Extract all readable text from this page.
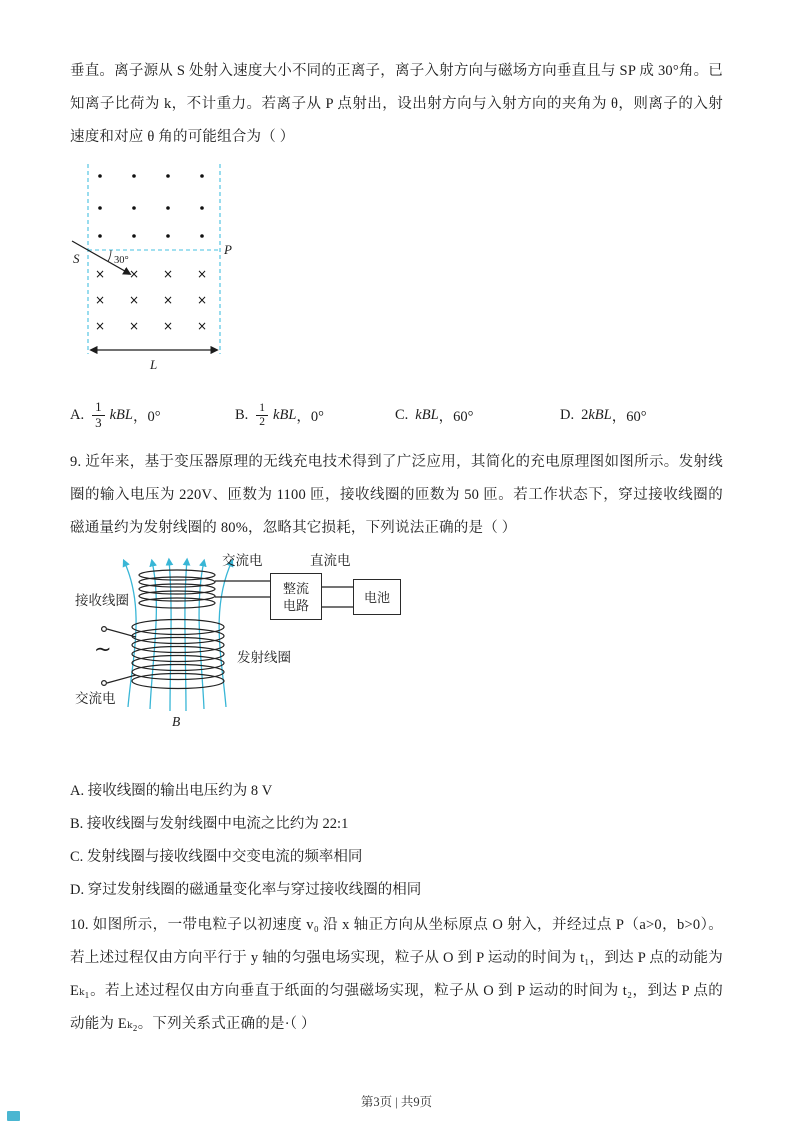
垂直。离子源从 S 处射入速度大小不同的正离子，离子入射方向与磁场方向垂直且与 SP 成 30°角。已知离子比荷为 k，不计重力。若离子从 P 点射出，设出射方向与入射方向的夹角为 θ，则离子的入射速度和对应 θ 角的可能组合为（ ）

× × × ×
× × × ×
× × × ×
30°
S
P
L
A. $\frac{1}{3}$ kBL ，0°	B. $\frac{1}{2}$ kBL ，0°	C. kBL ，60°	D. 2 kBL ，60°

9. 近年来，基于变压器原理的无线充电技术得到了广泛应用，其简化的充电原理图如图所示。发射线圈的输入电压为 220V、匝数为 1100 匝，接收线圈的匝数为 50 匝。若工作状态下，穿过接收线圈的磁通量约为发射线圈的 80%，忽略其它损耗，下列说法正确的是（ ）

接收线圈
交流电	直流电
整流电路
电池
发射线圈
~
交流电
B

A. 接收线圈的输出电压约为 8 V

B. 接收线圈与发射线圈中电流之比约为 22:1

C. 发射线圈与接收线圈中交变电流的频率相同

D. 穿过发射线圈的磁通量变化率与穿过接收线圈的相同

10. 如图所示，一带电粒子以初速度 v₀ 沿 x 轴正方向从坐标原点 O 射入，并经过点 P（a>0，b>0）。若上述过程仅由方向平行于 y 轴的匀强电场实现，粒子从 O 到 P 运动的时间为 t₁，到达 P 点的动能为 Eₖ₁。若上述过程仅由方向垂直于纸面的匀强磁场实现，粒子从 O 到 P 运动的时间为 t₂，到达 P 点的动能为 Eₖ₂。下列关系式正确的是·（ ）

第3页 | 共9页
